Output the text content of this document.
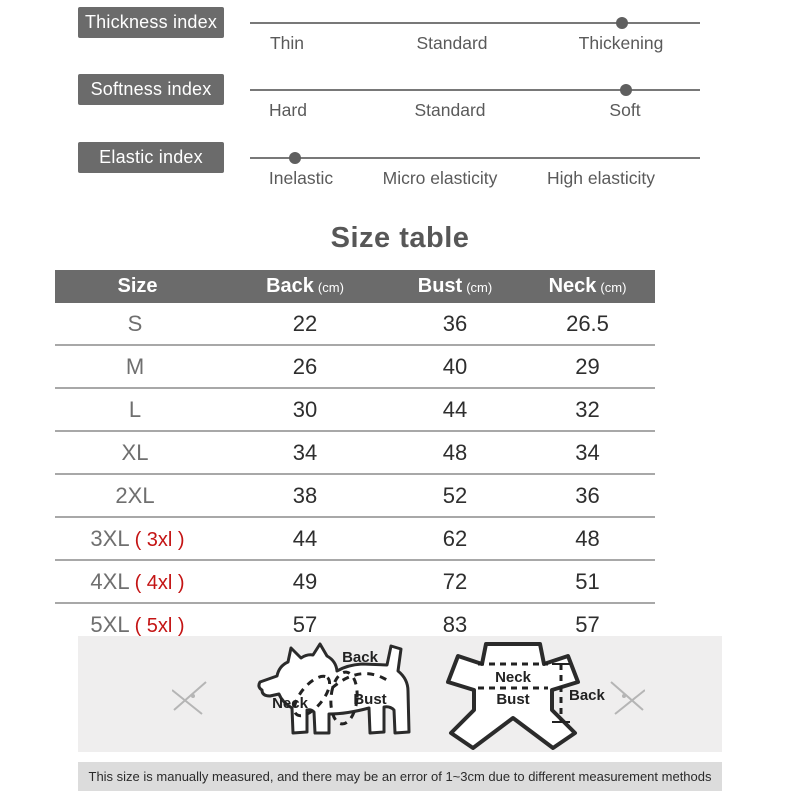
Thickness index
Thin	Standard	Thickening
Softness index
Hard	Standard	Soft
Elastic index
Inelastic	Micro elasticity	High elasticity
Size table
Size	Back (cm)	Bust (cm)	Neck (cm)
S	22	36	26.5
M	26	40	29
L	30	44	32
XL	34	48	34
2XL	38	52	36
3XL ( 3xl )	44	62	48
4XL ( 4xl )	49	72	51
5XL ( 5xl )	57	83	57
Back
Bust
Neck
Neck
Bust	Back
This size is manually measured, and there may be an error of 1~3cm due to different measurement methods
